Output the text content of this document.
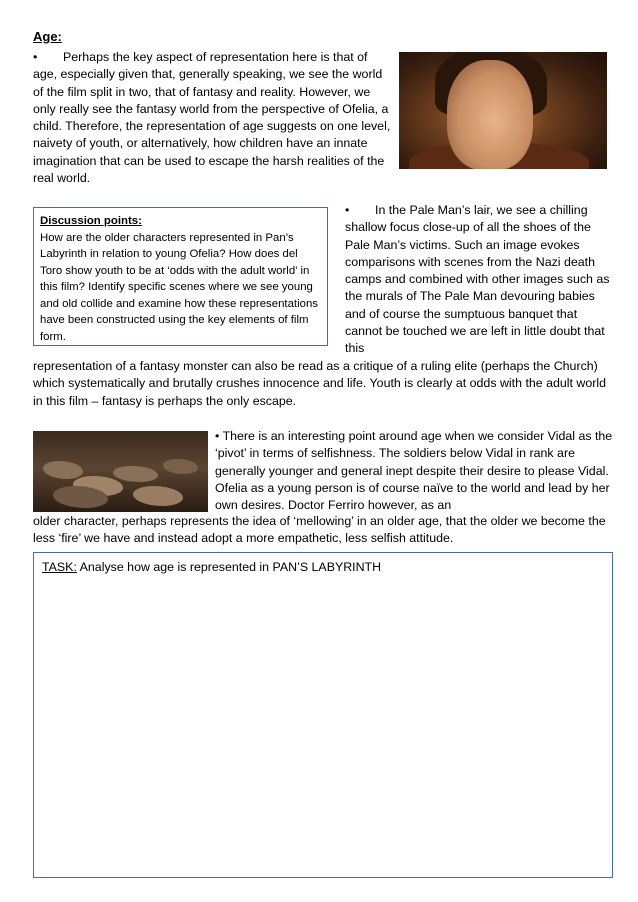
Age:
• Perhaps the key aspect of representation here is that of age, especially given that, generally speaking, we see the world of the film split in two, that of fantasy and reality. However, we only really see the fantasy world from the perspective of Ofelia, a child. Therefore, the representation of age suggests on one level, naivety of youth, or alternatively, how children have an innate imagination that can be used to escape the harsh realities of the real world.
Discussion points:
How are the older characters represented in Pan’s Labyrinth in relation to young Ofelia? How does del Toro show youth to be at ‘odds with the adult world’ in this film? Identify specific scenes where we see young and old collide and examine how these representations have been constructed using the key elements of film form.
• In the Pale Man’s lair, we see a chilling shallow focus close-up of all the shoes of the Pale Man’s victims. Such an image evokes comparisons with scenes from the Nazi death camps and combined with other images such as the murals of The Pale Man devouring babies and of course the sumptuous banquet that cannot be touched we are left in little doubt that this
representation of a fantasy monster can also be read as a critique of a ruling elite (perhaps the Church) which systematically and brutally crushes innocence and life. Youth is clearly at odds with the adult world in this film – fantasy is perhaps the only escape.
• There is an interesting point around age when we consider Vidal as the ‘pivot’ in terms of selfishness. The soldiers below Vidal in rank are generally younger and general inept despite their desire to please Vidal. Ofelia as a young person is of course naïve to the world and lead by her own desires. Doctor Ferriro however, as an
older character, perhaps represents the idea of ‘mellowing’ in an older age, that the older we become the less ‘fire’ we have and instead adopt a more empathetic, less selfish attitude.
TASK: Analyse how age is represented in PAN’S LABYRINTH
